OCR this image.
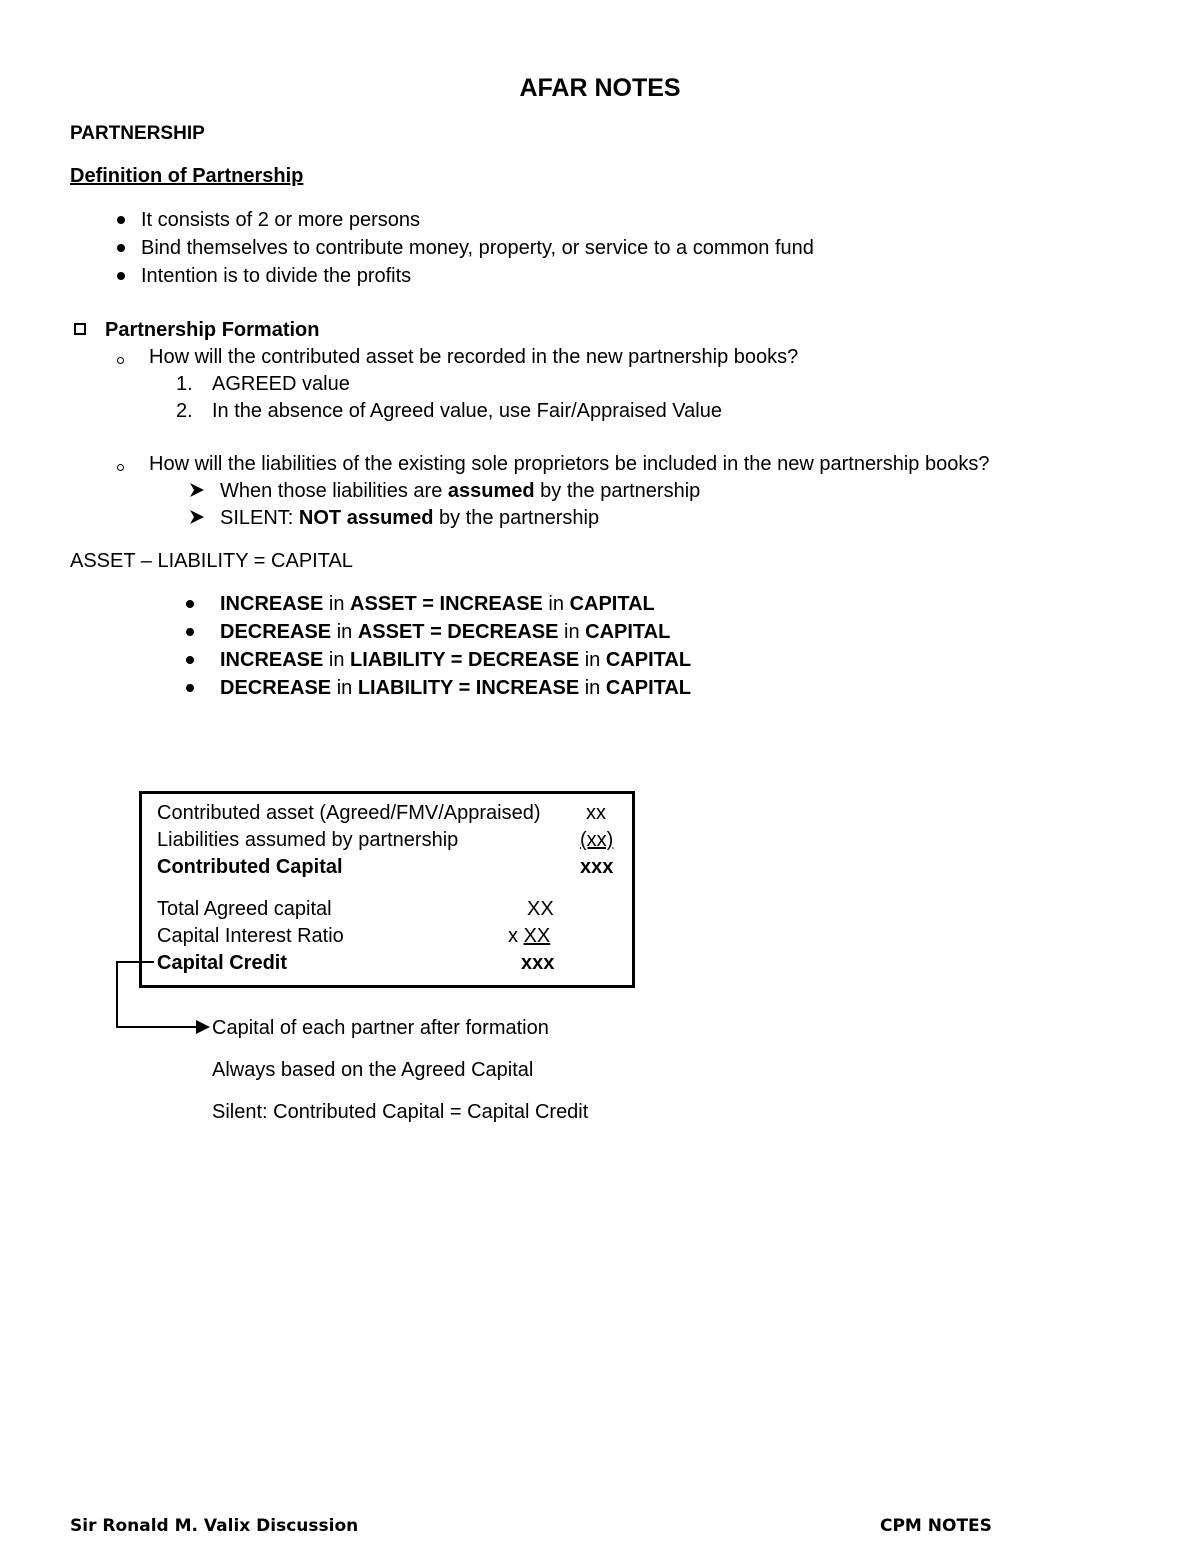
AFAR NOTES
PARTNERSHIP
Definition of Partnership
It consists of 2 or more persons
Bind themselves to contribute money, property, or service to a common fund
Intention is to divide the profits
Partnership Formation
How will the contributed asset be recorded in the new partnership books?
1. AGREED value
2. In the absence of Agreed value, use Fair/Appraised Value
How will the liabilities of the existing sole proprietors be included in the new partnership books?
When those liabilities are assumed by the partnership
SILENT: NOT assumed by the partnership
ASSET – LIABILITY = CAPITAL
INCREASE in ASSET = INCREASE in CAPITAL
DECREASE in ASSET = DECREASE in CAPITAL
INCREASE in LIABILITY = DECREASE in CAPITAL
DECREASE in LIABILITY = INCREASE in CAPITAL
Contributed asset (Agreed/FMV/Appraised) xx
Liabilities assumed by partnership	(xx)
Contributed Capital	xxx
Total Agreed capital	XX
Capital Interest Ratio	x XX
Capital Credit	xxx
Capital of each partner after formation
Always based on the Agreed Capital
Silent: Contributed Capital = Capital Credit
Sir Ronald M. Valix Discussion	CPM NOTES
